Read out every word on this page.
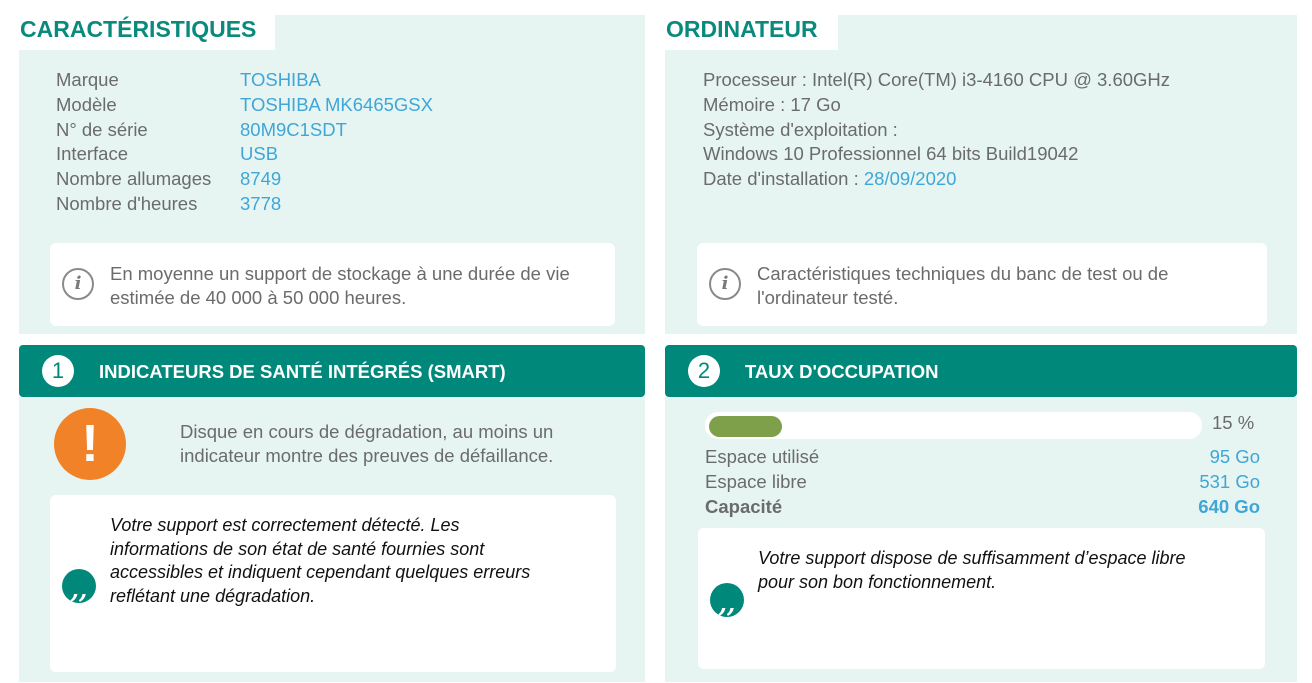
CARACTÉRISTIQUES
Marque	TOSHIBA
Modèle	TOSHIBA MK6465GSX
N° de série	80M9C1SDT
Interface	USB
Nombre allumages	8749
Nombre d'heures	3778
i	En moyenne un support de stockage à une durée de vie
estimée de 40 000 à 50 000 heures.
ORDINATEUR
Processeur : Intel(R) Core(TM) i3-4160 CPU @ 3.60GHz
Mémoire : 17 Go
Système d'exploitation :
Windows 10 Professionnel 64 bits Build19042
Date d'installation : 28/09/2020
i	Caractéristiques techniques du banc de test ou de
l'ordinateur testé.
1	INDICATEURS DE SANTÉ INTÉGRÉS (SMART)
!	Disque en cours de dégradation, au moins un
indicateur montre des preuves de défaillance.
,,
Votre support est correctement détecté. Les
informations de son état de santé fournies sont
accessibles et indiquent cependant quelques erreurs
reflétant une dégradation.
2	TAUX D'OCCUPATION
15 %
Espace utilisé	95 Go
Espace libre	531 Go
Capacité	640 Go
,,
Votre support dispose de suffisamment d’espace libre
pour son bon fonctionnement.
